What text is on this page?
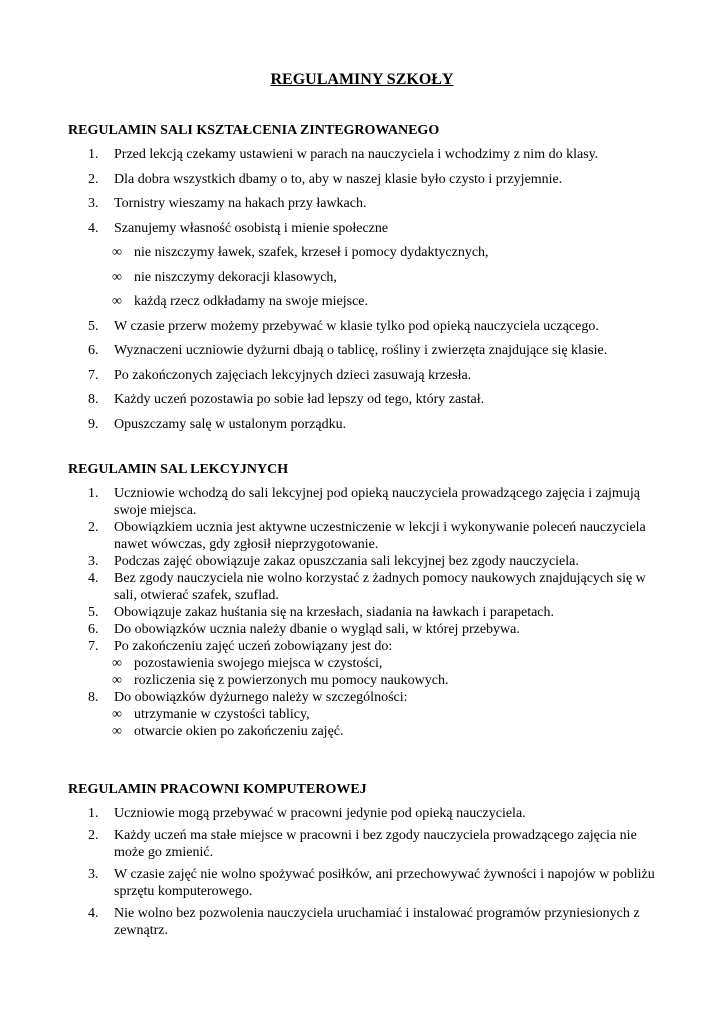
REGULAMINY SZKOŁY
REGULAMIN SALI KSZTAŁCENIA ZINTEGROWANEGO
1.	Przed lekcją czekamy ustawieni w parach na nauczyciela i wchodzimy z nim do klasy.
2.	Dla dobra wszystkich dbamy o to, aby w naszej klasie było czysto i przyjemnie.
3.	Tornistry wieszamy na hakach przy ławkach.
4.	Szanujemy własność osobistą i mienie społeczne
∞ nie niszczymy ławek, szafek, krzeseł i pomocy dydaktycznych,
∞ nie niszczymy dekoracji klasowych,
∞ każdą rzecz odkładamy na swoje miejsce.
5.	W czasie przerw możemy przebywać w klasie tylko pod opieką nauczyciela uczącego.
6.	Wyznaczeni uczniowie dyżurni dbają o tablicę, rośliny i zwierzęta znajdujące się klasie.
7.	Po zakończonych zajęciach lekcyjnych dzieci zasuwają krzesła.
8.	Każdy uczeń pozostawia po sobie ład lepszy od tego, który zastał.
9.	Opuszczamy salę w ustalonym porządku.
REGULAMIN SAL LEKCYJNYCH
1.	Uczniowie wchodzą do sali lekcyjnej pod opieką nauczyciela prowadzącego zajęcia i zajmują swoje miejsca.
2.	Obowiązkiem ucznia jest aktywne uczestniczenie w lekcji i wykonywanie poleceń nauczyciela nawet wówczas, gdy zgłosił nieprzygotowanie.
3.	Podczas zajęć obowiązuje zakaz opuszczania sali lekcyjnej bez zgody nauczyciela.
4.	Bez zgody nauczyciela nie wolno korzystać z żadnych pomocy naukowych znajdujących się w sali, otwierać szafek, szuflad.
5.	Obowiązuje zakaz huśtania się na krzesłach, siadania na ławkach i parapetach.
6.	Do obowiązków ucznia należy dbanie o wygląd sali, w której przebywa.
7.	Po zakończeniu zajęć uczeń zobowiązany jest do:
∞ pozostawienia swojego miejsca w czystości,
∞ rozliczenia się z powierzonych mu pomocy naukowych.
8.	Do obowiązków dyżurnego należy w szczególności:
∞ utrzymanie w czystości tablicy,
∞ otwarcie okien po zakończeniu zajęć.
REGULAMIN PRACOWNI KOMPUTEROWEJ
1.	Uczniowie mogą przebywać w pracowni jedynie pod opieką nauczyciela.
2.	Każdy uczeń ma stałe miejsce w pracowni i bez zgody nauczyciela prowadzącego zajęcia nie może go zmienić.
3.	W czasie zajęć nie wolno spożywać posiłków, ani przechowywać żywności i napojów w pobliżu sprzętu komputerowego.
4.	Nie wolno bez pozwolenia nauczyciela uruchamiać i instalować programów przyniesionych z zewnątrz.
